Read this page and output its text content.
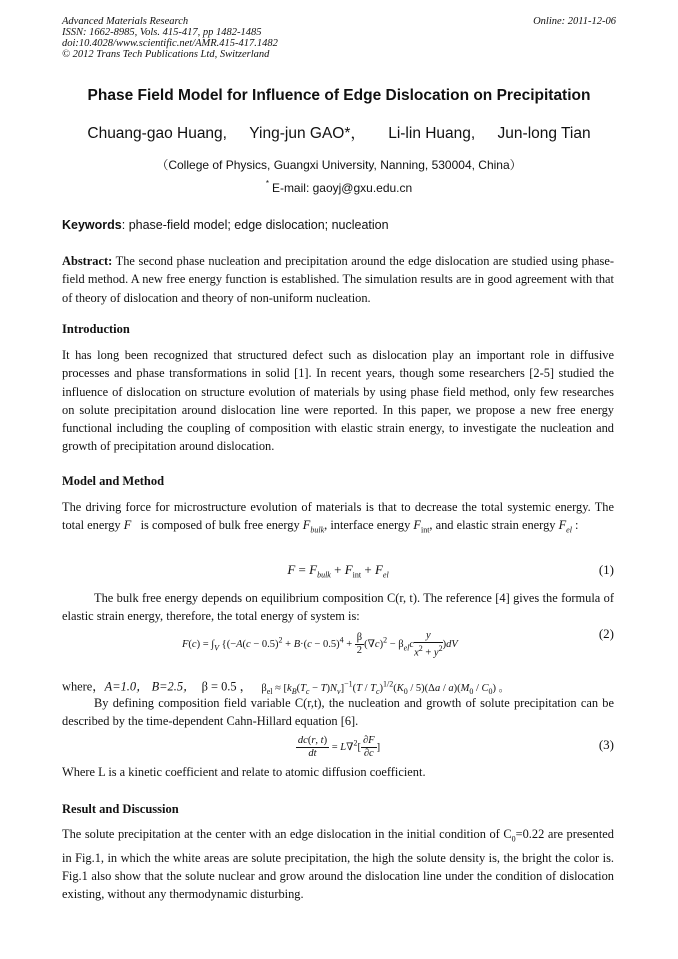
Advanced Materials Research
ISSN: 1662-8985, Vols. 415-417, pp 1482-1485
doi:10.4028/www.scientific.net/AMR.415-417.1482
© 2012 Trans Tech Publications Ltd, Switzerland
Online: 2011-12-06
Phase Field Model for Influence of Edge Dislocation on Precipitation
Chuang-gao Huang, Ying-jun GAO*， Li-lin Huang, Jun-long Tian
（College of Physics, Guangxi University, Nanning, 530004, China）
* E-mail: gaoyj@gxu.edu.cn
Keywords: phase-field model; edge dislocation; nucleation
Abstract: The second phase nucleation and precipitation around the edge dislocation are studied using phase-field method. A new free energy function is established. The simulation results are in good agreement with that of theory of dislocation and theory of non-uniform nucleation.
Introduction
It has long been recognized that structured defect such as dislocation play an important role in diffusive processes and phase transformations in solid [1]. In recent years, though some researchers [2-5] studied the influence of dislocation on structure evolution of materials by using phase field method, only few researches on solute precipitation around dislocation line were reported. In this paper, we propose a new free energy functional including the coupling of composition with elastic strain energy, to investigate the nucleation and growth of precipitation around dislocation.
Model and Method
The driving force for microstructure evolution of materials is that to decrease the total systemic energy. The total energy F is composed of bulk free energy $F_{bulk}$, interface energy $F_{int}$, and elastic strain energy $F_{el}$ :
$F = F_{bulk} + F_{int} + F_{el}$	(1)
The bulk free energy depends on equilibrium composition C(r, t). The reference [4] gives the formula of elastic strain energy, therefore, the total energy of system is:
$F(c) = \int_V$ {$(-A(c - 0.5)^2 + B\cdot(c - 0.5)^4 + \frac{\beta}{2} (\nabla c)^2 - \beta_{el}c \frac{y}{x^2 + y^2} )dV$
(2)
where，A=1.0， B=2.5， β = 0.5 ， $\beta_{el} \approx [k_B(T_c - T)N_v]^{-1}(T / T_c)^{1/2}(K_0 / 5)(\Delta a / a)(M_0 / C_0)$ 。
By defining composition field variable C(r,t), the nucleation and growth of solute precipitation can be described by the time-dependent Cahn-Hillard equation [6].
$\frac{dc(r, t)}{dt} = L\nabla^2[ \frac{\partial F}{\partial c}$ ]	(3)
Where L is a kinetic coefficient and relate to atomic diffusion coefficient.
Result and Discussion
The solute precipitation at the center with an edge dislocation in the initial condition of $C_0=0.22$ are presented in Fig.1, in which the white areas are solute precipitation, the high the solute density is, the bright the color is. Fig.1 also show that the solute nuclear and grow around the dislocation line under the condition of dislocation existing, without any thermodynamic disturbing.
